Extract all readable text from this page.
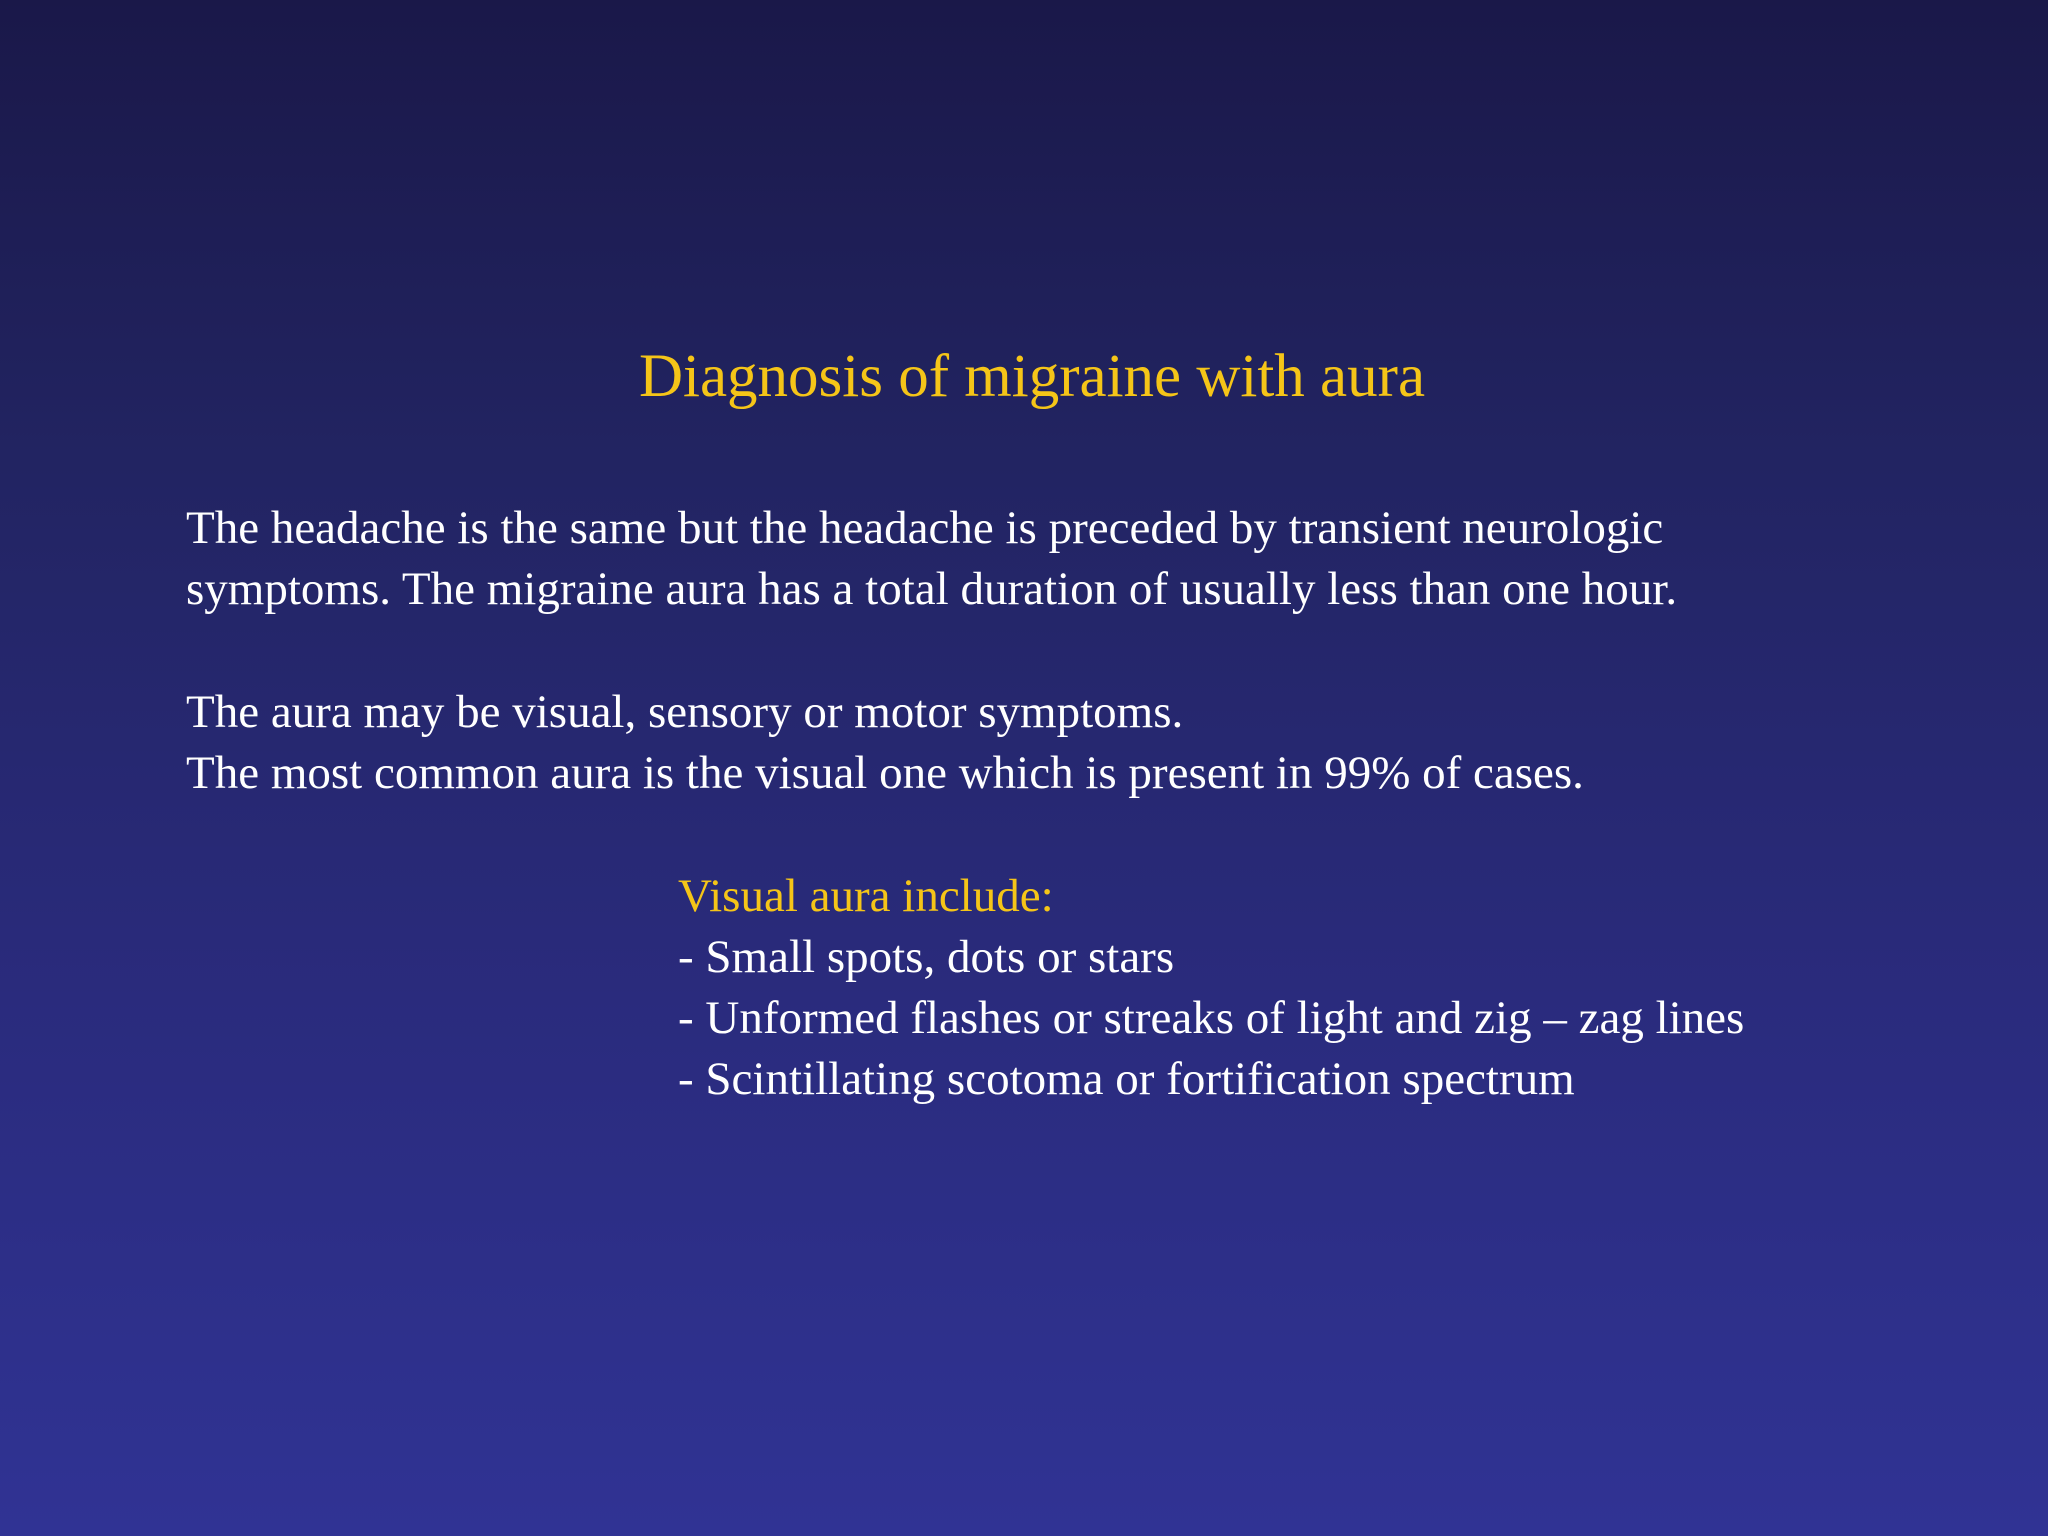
Diagnosis of migraine with aura

The headache is the same but the headache is preceded by transient neurologic
symptoms. The migraine aura has a total duration of usually less than one hour.

The aura may be visual, sensory or motor symptoms.
The most common aura is the visual one which is present in 99% of cases.

Visual aura include:

- Small spots, dots or stars
- Unformed flashes or streaks of light and zig – zag lines
- Scintillating scotoma or fortification spectrum
